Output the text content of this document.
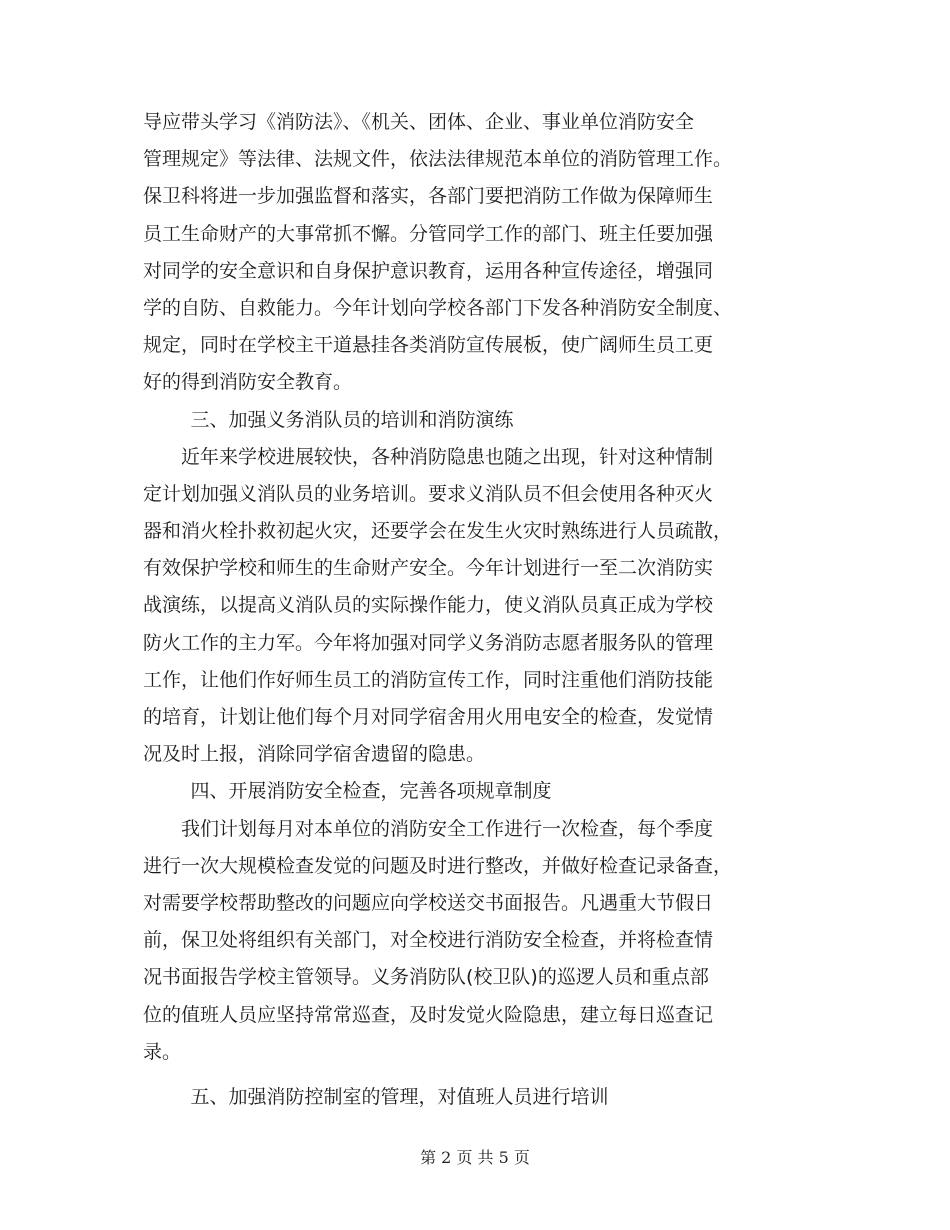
导应带头学习《消防法》、《机关、团体、企业、事业单位消防安全
管理规定》等法律、法规文件，依法法律规范本单位的消防管理工作。
保卫科将进一步加强监督和落实，各部门要把消防工作做为保障师生
员工生命财产的大事常抓不懈。分管同学工作的部门、班主任要加强
对同学的安全意识和自身保护意识教育，运用各种宣传途径，增强同
学的自防、自救能力。今年计划向学校各部门下发各种消防安全制度、
规定，同时在学校主干道悬挂各类消防宣传展板，使广阔师生员工更
好的得到消防安全教育。
三、加强义务消队员的培训和消防演练
近年来学校进展较快，各种消防隐患也随之出现，针对这种情制
定计划加强义消队员的业务培训。要求义消队员不但会使用各种灭火
器和消火栓扑救初起火灾，还要学会在发生火灾时熟练进行人员疏散，
有效保护学校和师生的生命财产安全。今年计划进行一至二次消防实
战演练，以提高义消队员的实际操作能力，使义消队员真正成为学校
防火工作的主力军。今年将加强对同学义务消防志愿者服务队的管理
工作，让他们作好师生员工的消防宣传工作，同时注重他们消防技能
的培育，计划让他们每个月对同学宿舍用火用电安全的检查，发觉情
况及时上报，消除同学宿舍遗留的隐患。
四、开展消防安全检查，完善各项规章制度
我们计划每月对本单位的消防安全工作进行一次检查，每个季度
进行一次大规模检查发觉的问题及时进行整改，并做好检查记录备查，
对需要学校帮助整改的问题应向学校送交书面报告。凡遇重大节假日
前，保卫处将组织有关部门，对全校进行消防安全检查，并将检查情
况书面报告学校主管领导。义务消防队(校卫队)的巡逻人员和重点部
位的值班人员应坚持常常巡查，及时发觉火险隐患，建立每日巡查记
录。
五、加强消防控制室的管理，对值班人员进行培训
第 2 页 共 5 页
